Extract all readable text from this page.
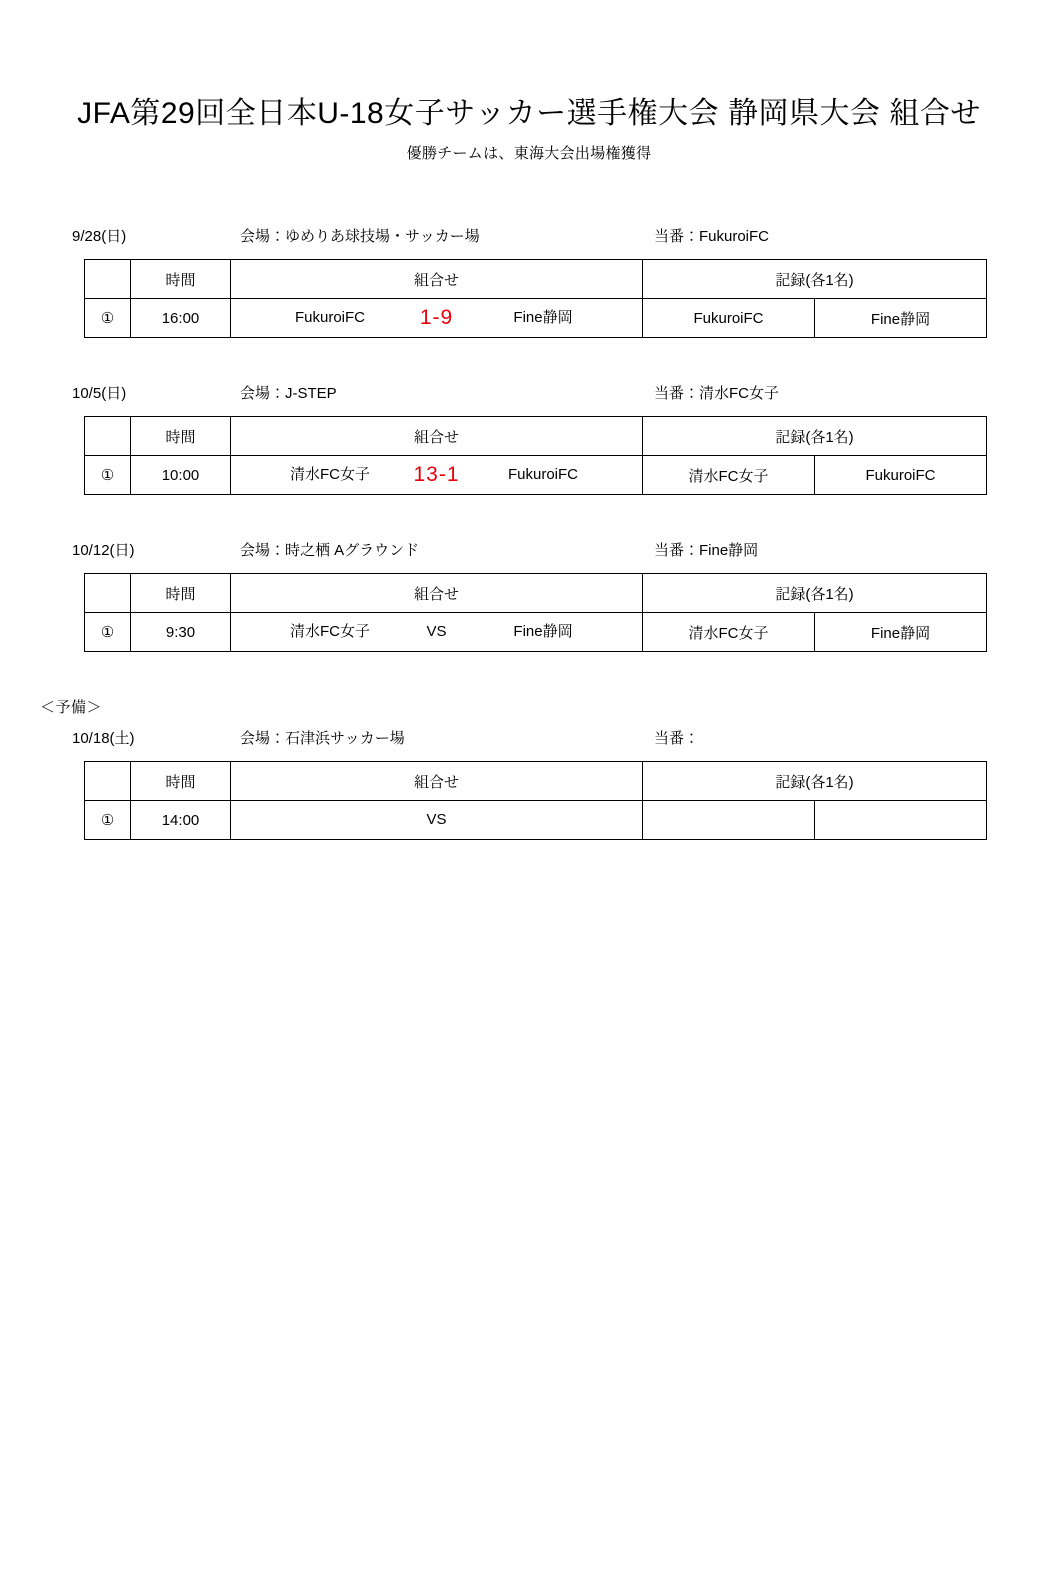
JFA第29回全日本U-18女子サッカー選手権大会 静岡県大会 組合せ
優勝チームは、東海大会出場権獲得
9/28(日)	会場：ゆめりあ球技場・サッカー場	当番：FukuroiFC
	時間	組合せ	記録(各1名)	
①	16:00	FukuroiFC 1-9 Fine静岡	FukuroiFC	Fine静岡
10/5(日)	会場：J-STEP	当番：清水FC女子
	時間	組合せ	記録(各1名)	
①	10:00	清水FC女子 13-1 FukuroiFC	清水FC女子	FukuroiFC
10/12(日)	会場：時之栖 Aグラウンド	当番：Fine静岡
	時間	組合せ	記録(各1名)	
①	9:30	清水FC女子 VS Fine静岡	清水FC女子	Fine静岡
＜予備＞
10/18(土)	会場：石津浜サッカー場	当番：
	時間	組合せ	記録(各1名)	
①	14:00	VS		
